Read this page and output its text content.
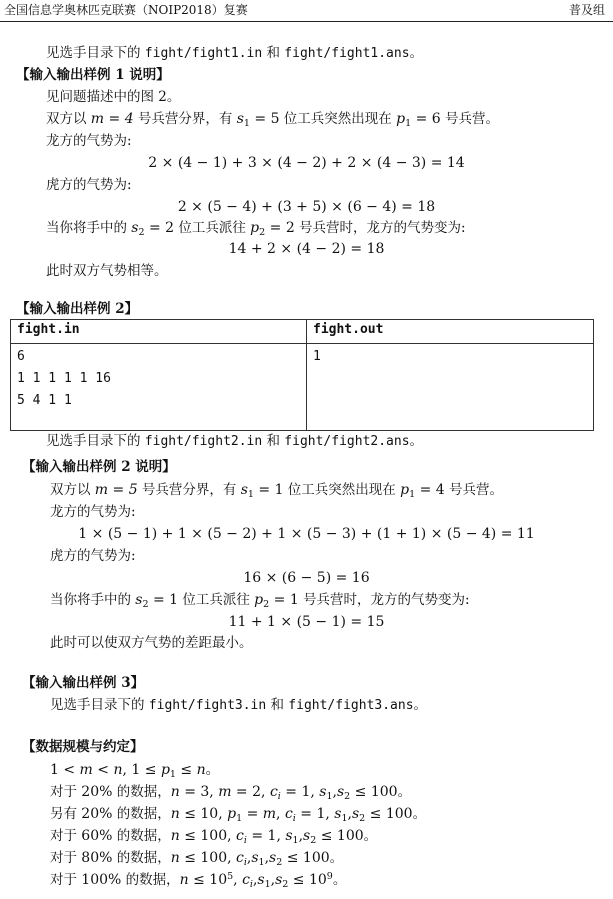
全国信息学奥林匹克联赛（NOIP2018）复赛	普及组
见选手目录下的 fight/fight1.in 和 fight/fight1.ans。
【输入输出样例 1 说明】
见问题描述中的图 2。
双方以 m = 4 号兵营分界，有 $s_1 = 5$ 位工兵突然出现在 $p_1 = 6$ 号兵营。
龙方的气势为:
2 × (4 − 1) + 3 × (4 − 2) + 2 × (4 − 3) = 14
虎方的气势为:
2 × (5 − 4) + (3 + 5) × (6 − 4) = 18
当你将手中的 $s_2 = 2$ 位工兵派往 $p_2 = 2$ 号兵营时，龙方的气势变为:
14 + 2 × (4 − 2) = 18
此时双方气势相等。
【输入输出样例 2】
fight.in	fight.out

6
1 1 1 1 1 16
5 4 1 1	1
见选手目录下的 fight/fight2.in 和 fight/fight2.ans。
【输入输出样例 2 说明】
双方以 m = 5 号兵营分界，有 $s_1 = 1$ 位工兵突然出现在 $p_1 = 4$ 号兵营。
龙方的气势为:
1 × (5 − 1) + 1 × (5 − 2) + 1 × (5 − 3) + (1 + 1) × (5 − 4) = 11
虎方的气势为:
16 × (6 − 5) = 16
当你将手中的 $s_2 = 1$ 位工兵派往 $p_2 = 1$ 号兵营时，龙方的气势变为:
11 + 1 × (5 − 1) = 15
此时可以使双方气势的差距最小。
【输入输出样例 3】
见选手目录下的 fight/fight3.in 和 fight/fight3.ans。
【数据规模与约定】
1 < m < n, $1 \le p_1 \le n$。
对于 20% 的数据，n = 3, m = 2, $c_i = 1$, $s_1,s_2 \le 100$。
另有 20% 的数据，n ≤ 10, $p_1 = m$, $c_i = 1$, $s_1,s_2 \le 100$。
对于 60% 的数据，n ≤ 100, $c_i = 1$, $s_1,s_2 \le 100$。
对于 80% 的数据，n ≤ 100, $c_i,s_1,s_2 \le 100$。
对于 100% 的数据，$n \le 10^5$, $c_i,s_1,s_2 \le 10^9$。
